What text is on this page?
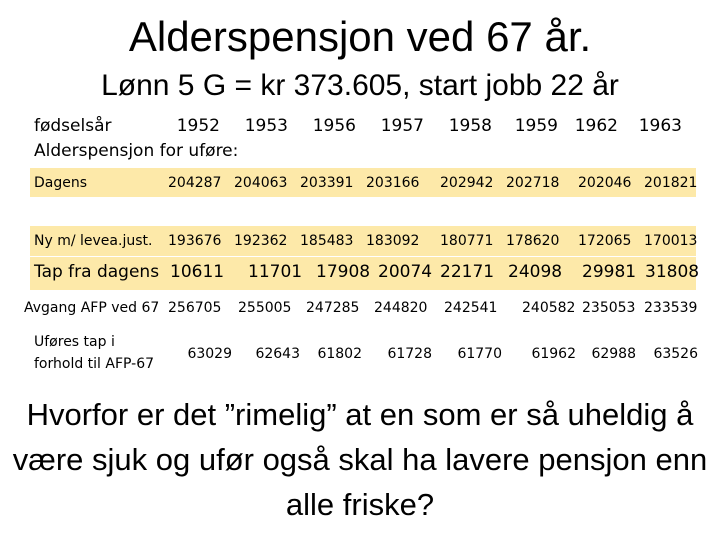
Alderspensjon ved 67 år.
Lønn 5 G = kr 373.605, start jobb 22 år
fødselsår	1952	1953	1956	1957	1958	1959 1962	1963
Alderspensjon for uføre:
Dagens	204287 204063 203391 203166 202942 202718 202046 201821
Ny m/ levea.just. 193676 192362 185483 183092 180771 178620 172065 170013
Tap fra dagens 10611 11701 17908 20074 22171 24098 29981 31808
Avgang AFP ved 67 256705 255005 247285 244820 242541 240582 235053 233539
Uføres tap i
forhold til AFP-67
63029	62643	61802	61728	61770	61962	62988	63526
Hvorfor er det ”rimelig” at en som er så uheldig å være sjuk og ufør også skal ha lavere pensjon enn alle friske?
